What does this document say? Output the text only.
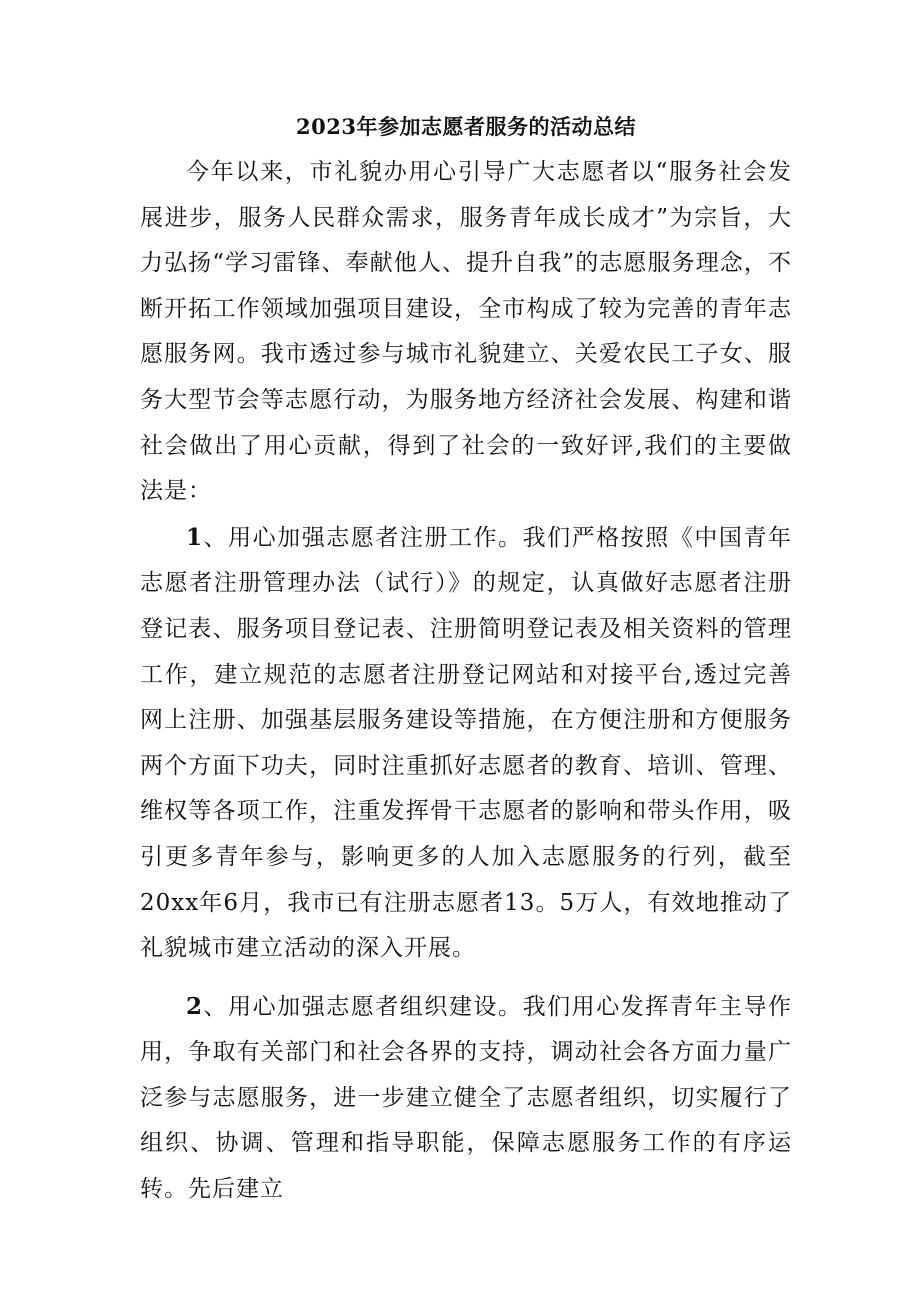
2023年参加志愿者服务的活动总结

今年以来，市礼貌办用心引导广大志愿者以“服务社会发展进步，服务人民群众需求，服务青年成长成才”为宗旨，大力弘扬“学习雷锋、奉献他人、提升自我”的志愿服务理念，不断开拓工作领域加强项目建设，全市构成了较为完善的青年志愿服务网。我市透过参与城市礼貌建立、关爱农民工子女、服务大型节会等志愿行动，为服务地方经济社会发展、构建和谐社会做出了用心贡献，得到了社会的一致好评,我们的主要做法是：

1、用心加强志愿者注册工作。我们严格按照《中国青年志愿者注册管理办法（试行）》的规定，认真做好志愿者注册登记表、服务项目登记表、注册简明登记表及相关资料的管理工作，建立规范的志愿者注册登记网站和对接平台,透过完善网上注册、加强基层服务建设等措施，在方便注册和方便服务两个方面下功夫，同时注重抓好志愿者的教育、培训、管理、维权等各项工作，注重发挥骨干志愿者的影响和带头作用，吸引更多青年参与，影响更多的人加入志愿服务的行列，截至20xx年6月，我市已有注册志愿者13。5万人，有效地推动了礼貌城市建立活动的深入开展。

2、用心加强志愿者组织建设。我们用心发挥青年主导作用，争取有关部门和社会各界的支持，调动社会各方面力量广泛参与志愿服务，进一步建立健全了志愿者组织，切实履行了组织、协调、管理和指导职能，保障志愿服务工作的有序运转。先后建立
